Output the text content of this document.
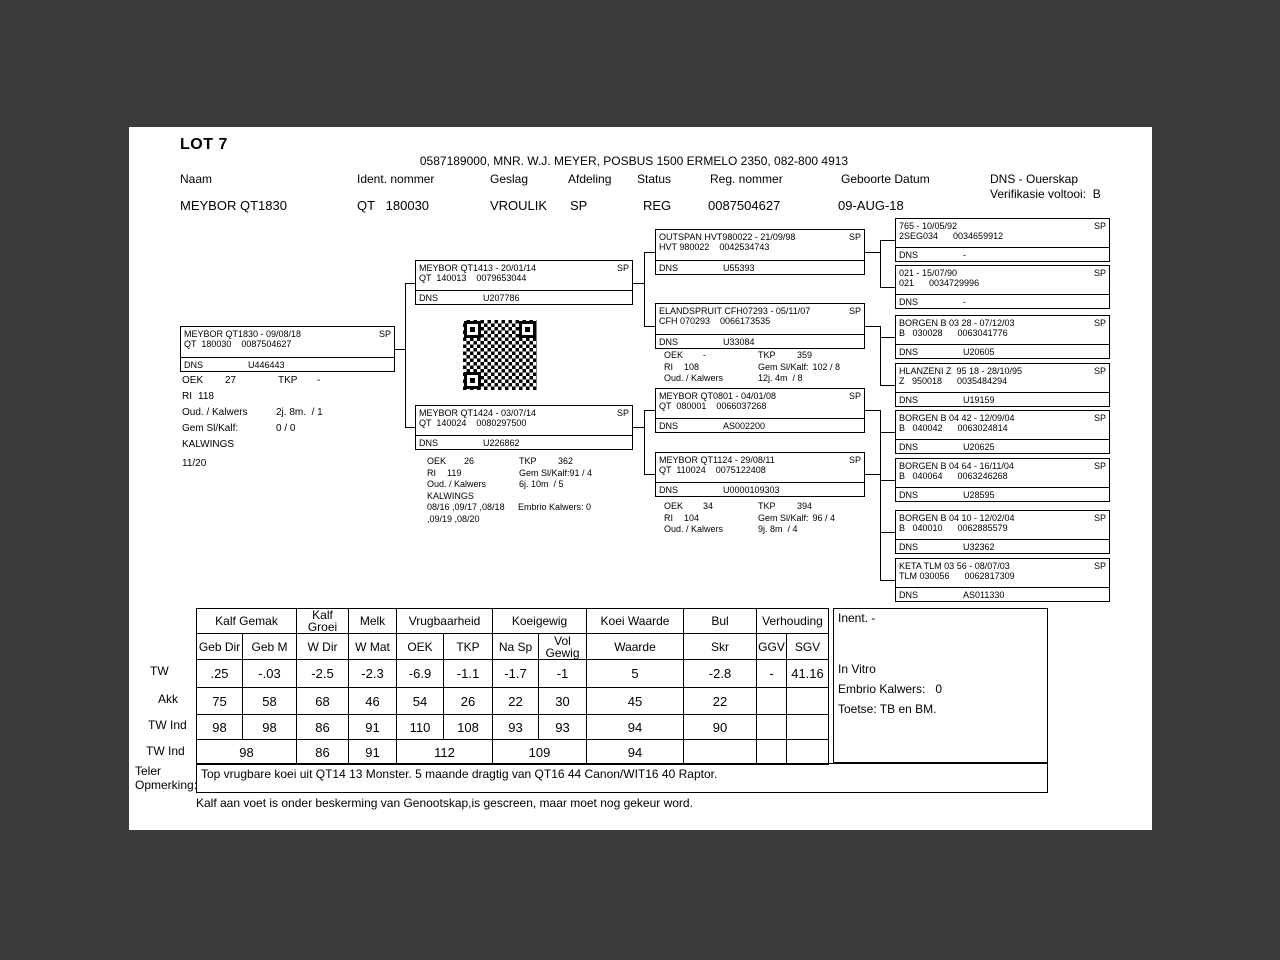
LOT 7
0587189000, MNR. W.J. MEYER, POSBUS 1500 ERMELO 2350, 082-800 4913
Naam	Ident. nommer	Geslag	Afdeling Status	Reg. nommer	Geboorte Datum	DNS - Ouerskap
Verifikasie voltooi:  B
MEYBOR QT1830	QT   180030	VROULIK SP	REG	0087504627	09-AUG-18
MEYBOR QT1830 - 09/08/18	SP
QT  180030    0087504627
DNS	U446443
MEYBOR QT1413 - 20/01/14	SP
QT  140013    0079653044
DNS	U207786
MEYBOR QT1424 - 03/07/14	SP
QT  140024    0080297500
DNS	U226862
OUTSPAN HVT980022 - 21/09/98	SP
HVT 980022    0042534743
DNS	U55393
ELANDSPRUIT CFH07293 - 05/11/07	SP
CFH 070293    0066173535
DNS	U33084
MEYBOR QT0801 - 04/01/08	SP
QT  080001    0066037268
DNS	AS002200
MEYBOR QT1124 - 29/08/11	SP
QT  110024    0075122408
DNS	U0000109303
765 - 10/05/92	SP
2SEG034      0034659912
DNS	-
021 - 15/07/90	SP
021      0034729996
DNS	-
BORGEN B 03 28 - 07/12/03	SP
B   030028      0063041776
DNS	U20605
HLANZENI Z  95 18 - 28/10/95	SP
Z   950018      0035484294
DNS	U19159
BORGEN B 04 42 - 12/09/04	SP
B   040042      0063024814
DNS	U20625
BORGEN B 04 64 - 16/11/04	SP
B   040064      0063246268
DNS	U28595
BORGEN B 04 10 - 12/02/04	SP
B   040010      0062885579
DNS	U32362
KETA TLM 03 56 - 08/07/03	SP
TLM 030056      0062817309
DNS	AS011330
OEK 27	TKP -
RI 118
Oud. / Kalwers	2j. 8m.  / 1
Gem Sl/Kalf:	0 / 0
KALWINGS
11/20	OEK 26	TKP 362
RI 119	Gem Sl/Kalf:91 / 4
Oud. / Kalwers	6j. 10m  / 5
KALWINGS
08/16 ,09/17 ,08/18 Embrio Kalwers: 0
,09/19 ,08/20
OEK -	TKP 359
RI 108	Gem Sl/Kalf: 102 / 8
Oud. / Kalwers	12j. 4m  / 8
OEK 34	TKP 394
RI 104	Gem Sl/Kalf: 96 / 4
Oud. / Kalwers	9j. 8m  / 4
TW
Akk
TW Ind
TW Ind
Kalf Gemak		Kalf Groei	Melk	Vrugbaarheid		Koeigewig		Koei Waarde	Bul	Verhouding	
Geb Dir	Geb M	W Dir	W Mat	OEK	TKP	Na Sp	Vol Gewig	Waarde	Skr	GGV	SGV
.25	-.03	-2.5	-2.3	-6.9	-1.1	-1.7	-1	5	-2.8	-	41.16
75	58	68	46	54	26	22	30	45	22		
98	98	86	91	110	108	93	93	94	90		
98		86	91	112		109		94			
Inent. -
In Vitro
Embrio Kalwers:   0
Toetse: TB en BM.
Teler
Opmerking:
Top vrugbare koei uit QT14 13 Monster. 5 maande dragtig van QT16 44 Canon/WIT16 40 Raptor.
Kalf aan voet is onder beskerming van Genootskap,is gescreen, maar moet nog gekeur word.
